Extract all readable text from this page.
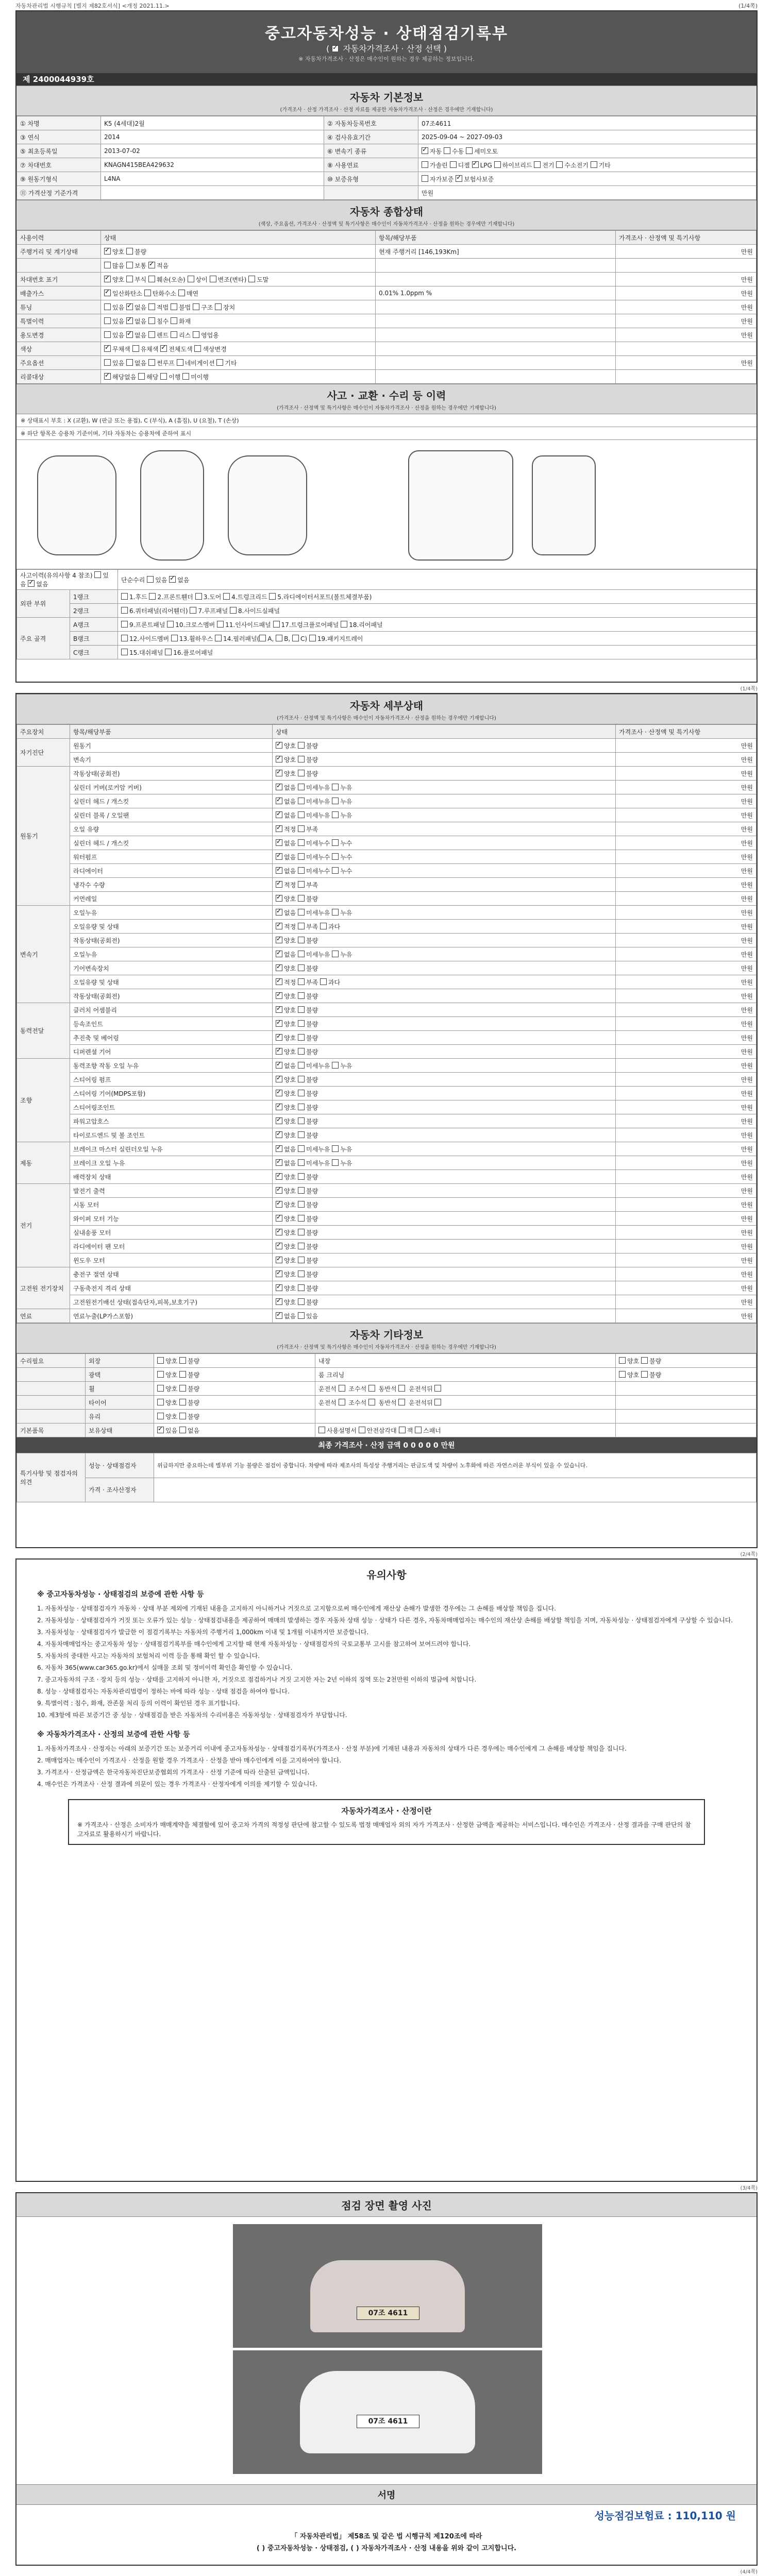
자동차관리법 시행규칙 [별지 제82호서식] <개정 2021.11.>	(1/4쪽)
중고자동차성능 · 상태점검기록부
( ✓ 자동차가격조사 · 산정 선택 )
※ 자동차가격조사 · 산정은 매수인이 원하는 경우 제공하는 정보입니다.
제 2400044939호
자동차 기본정보
(가격조사 · 산정 가격조사 · 산정 자료를 제공한 자동차가격조사 · 산정은 경우에만 기재합니다)
① 차명	K5 (4세대)2월	② 자동차등록번호	07조4611
③ 연식	2014	④ 검사유효기간	2025-09-04 ~ 2027-09-03
⑤ 최초등록일	2013-07-02	⑥ 변속기 종류	✓자동 수동 세미오토
⑦ 차대번호	KNAGN415BEA429632	⑧ 사용연료	가솔린 디젤 ✓LPG 하이브리드 전기 수소전기 기타
⑨ 원동기형식	L4NA	⑩ 보증유형	자가보증 ✓보험사보증
⑪ 가격산정 기준가격			만원
자동차 종합상태
(색상, 주요옵션, 가격조사 · 산정액 및 특기사항은 매수인이 자동차가격조사 · 산정을 원하는 경우에만 기재합니다)
사용이력	상태	항목/해당부품	가격조사 · 산정액 및 특기사항
주행거리 및 계기상태	✓양호 불량	현재 주행거리 [146,193Km]	만원
	많음 보통 ✓적음		
차대번호 표기	✓양호 부식 훼손(오손) 상이 변조(변타) 도말		만원
배출가스	✓일산화탄소 탄화수소 매연	0.01% 1.0ppm %	만원
튜닝	있음 ✓없음 적법 불법 구조 장치		만원
특별이력	있음 ✓없음 침수 화재		만원
용도변경	있음 ✓없음 렌트 리스 영업용		만원
색상	✓무채색 유채색 ✓전체도색 색상변경		
주요옵션	있음 없음 썬루프 네비게이션 기타		만원
리콜대상	✓해당없음 해당 이행 미이행		
사고 · 교환 · 수리 등 이력
(가격조사 · 산정액 및 특기사항은 매수인이 자동차가격조사 · 산정을 원하는 경우에만 기재합니다)
※ 상태표시 부호 : X (교환), W (판금 또는 용접), C (부식), A (흠집), U (요철), T (손상)
※ 하단 항목은 승용차 기준이며, 기타 자동차는 승용차에 준하여 표시
사고이력(유의사항 4 참조) 있음 ✓없음		단순수리 있음 ✓없음
외판 부위	1랭크	1.후드 2.프론트휀더 3.도어 4.트렁크리드 5.라디에이터서포트(볼트체결부품)
	2랭크	6.쿼터패널(리어휀더) 7.루프패널 8.사이드실패널
주요 골격	A랭크	9.프론트패널 10.크로스멤버 11.인사이드패널 17.트렁크플로어패널 18.리어패널
	B랭크	12.사이드멤버 13.휠하우스 14.필러패널( A, B, C) 19.패키지트레이
	C랭크	15.대쉬패널 16.플로어패널
(1/4쪽)
자동차 세부상태
(가격조사 · 산정액 및 특기사항은 매수인이 자동차가격조사 · 산정을 원하는 경우에만 기재합니다)
주요장치	항목/해당부품	상태	가격조사 · 산정액 및 특기사항
자기진단	원동기	✓양호 불량	만원
	변속기	✓양호 불량	만원
원동기	작동상태(공회전)	✓양호 불량	만원
	실린더 커버(로커암 커버)	✓없음 미세누유 누유	만원
	실린더 헤드 / 개스킷	✓없음 미세누유 누유	만원
	실린더 블록 / 오일팬	✓없음 미세누유 누유	만원
	오일 유량	✓적정 부족	만원
	실린더 헤드 / 개스킷	✓없음 미세누수 누수	만원
	워터펌프	✓없음 미세누수 누수	만원
	라디에이터	✓없음 미세누수 누수	만원
	냉각수 수량	✓적정 부족	만원
	커먼레일	✓양호 불량	만원
변속기	오일누유	✓없음 미세누유 누유	만원
	오일유량 및 상태	✓적정 부족 과다	만원
	작동상태(공회전)	✓양호 불량	만원
	오일누유	✓없음 미세누유 누유	만원
	기어변속장치	✓양호 불량	만원
	오일유량 및 상태	✓적정 부족 과다	만원
	작동상태(공회전)	✓양호 불량	만원
동력전달	클러치 어셈블리	✓양호 불량	만원
	등속조인트	✓양호 불량	만원
	추진축 및 베어링	✓양호 불량	만원
	디퍼렌셜 기어	✓양호 불량	만원
조향	동력조향 작동 오일 누유	✓없음 미세누유 누유	만원
	스티어링 펌프	✓양호 불량	만원
	스티어링 기어(MDPS포함)	✓양호 불량	만원
	스티어링조인트	✓양호 불량	만원
	파워고압호스	✓양호 불량	만원
	타이로드엔드 및 볼 조인트	✓양호 불량	만원
제동	브레이크 마스터 실린더오일 누유	✓없음 미세누유 누유	만원
	브레이크 오일 누유	✓없음 미세누유 누유	만원
	배력장치 상태	✓양호 불량	만원
전기	발전기 출력	✓양호 불량	만원
	시동 모터	✓양호 불량	만원
	와이퍼 모터 기능	✓양호 불량	만원
	실내송풍 모터	✓양호 불량	만원
	라디에이터 팬 모터	✓양호 불량	만원
	윈도우 모터	✓양호 불량	만원
고전원 전기장치	충전구 절연 상태	✓양호 불량	만원
	구동축전지 격리 상태	✓양호 불량	만원
	고전원전기배선 상태(접속단자,피복,보호기구)	✓양호 불량	만원
연료	연료누출(LP가스포함)	✓없음 있음	만원
자동차 기타정보
(가격조사 · 산정액 및 특기사항은 매수인이 자동차가격조사 · 산정을 원하는 경우에만 기재합니다)
수리필요	외장	양호 불량	내장	양호 불량
	광택	양호 불량	룸 크리닝	양호 불량
	휠	양호 불량	운전석  조수석  동반석  운전석뒤	
	타이어	양호 불량	운전석  조수석  동반석  운전석뒤	
	유리	양호 불량		
기본품목	보유상태	✓있음 없음	사용설명서 안전삼각대 잭 스패너	
최종 가격조사 · 산정 금액 0 0 0 0 0 만원
특기사항 및 점검자의 의견	성능 · 상태점검자	위급하지만 중요하는데 별부위 기능 불량은 점검이 중합니다. 차량에 따라 제조사의 특성상 주행거리는 판금도색 및 차량이 노후화에 따른 자연스러운 부식이 있을 수 있습니다.
	가격 · 조사산정자	
(2/4쪽)
유의사항
※ 중고자동차성능 · 상태점검의 보증에 관한 사항 등

1. 자동차성능 · 상태점검자가 자동차 · 상태 부분 제외에 기재된 내용을 고지하지 아니하거나 거짓으로 고지함으로써 매수인에게 재산상 손해가 발생한 경우에는 그 손해를 배상할 책임을 집니다.

2. 자동차성능 · 상태점검자가 거짓 또는 오류가 있는 성능 · 상태점검내용을 제공하여 매매의 발생하는 경우 자동차 상태 성능 · 상태가 다른 경우, 자동차매매업자는 매수인의 재산상 손해를 배상할 책임을 지며, 자동차성능 · 상태점검자에게 구상할 수 있습니다.

3. 자동차성능 · 상태점검자가 발급한 이 점검기록부는 자동차의 주행거리 1,000km 이내 및 1개월 이내까지만 보증합니다.

4. 자동차매매업자는 중고자동차 성능 · 상태점검기록부를 매수인에게 고지할 때 현재 자동차성능 · 상태점검자의 국토교통부 고시를 참고하여 보여드려야 합니다.

5. 자동차의 중대한 사고는 자동차의 보험처리 이력 등을 통해 확인 할 수 있습니다.

6. 자동차 365(www.car365.go.kr)에서 실매물 조회 및 정비이력 확인을 확인할 수 있습니다.

7. 중고자동차의 구조 · 장치 등의 성능 · 상태를 고지하지 아니한 자, 거짓으로 점검하거나 거짓 고지한 자는 2년 이하의 징역 또는 2천만원 이하의 벌금에 처합니다.

8. 성능 · 상태점검자는 자동차관리법령이 정하는 바에 따라 성능 · 상태 점검을 하여야 합니다.

9. 특별이력 : 침수, 화재, 잔존물 처리 등의 이력이 확인된 경우 표기합니다.

10. 제3항에 따른 보증기간 중 성능 · 상태점검을 받은 자동차의 수리비용은 자동차성능 · 상태점검자가 부담합니다.

※ 자동차가격조사 · 산정의 보증에 관한 사항 등

1. 자동차가격조사 · 산정자는 아래의 보증기간 또는 보증거리 이내에 중고자동차성능 · 상태점검기록부(가격조사 · 산정 부분)에 기재된 내용과 자동차의 상태가 다른 경우에는 매수인에게 그 손해를 배상할 책임을 집니다.

2. 매매업자는 매수인이 가격조사 · 산정을 원할 경우 가격조사 · 산정을 받아 매수인에게 이를 고지하여야 합니다.

3. 가격조사 · 산정금액은 한국자동차진단보증협회의 가격조사 · 산정 기준에 따라 산출된 금액입니다.

4. 매수인은 가격조사 · 산정 결과에 의문이 있는 경우 가격조사 · 산정자에게 이의를 제기할 수 있습니다.

자동차가격조사 · 산정이란
※ 가격조사 · 산정은 소비자가 매매계약을 체결함에 있어 중고차 가격의 적정성 판단에 참고할 수 있도록 법정 매매업자 외의 자가 가격조사 · 산정한 금액을 제공하는 서비스입니다. 매수인은 가격조사 · 산정 결과를 구매 판단의 참고자료로 활용하시기 바랍니다.
(3/4쪽)
점검 장면 촬영 사진
07조 4611
07조 4611
서명
성능점검보험료 : 110,110 원
「 자동차관리법」 제58조 및 같은 법 시행규칙 제120조에 따라
( ) 중고자동차성능 · 상태점검, ( ) 자동차가격조사 · 산정 내용을 위와 같이 고지합니다.
(4/4쪽)
